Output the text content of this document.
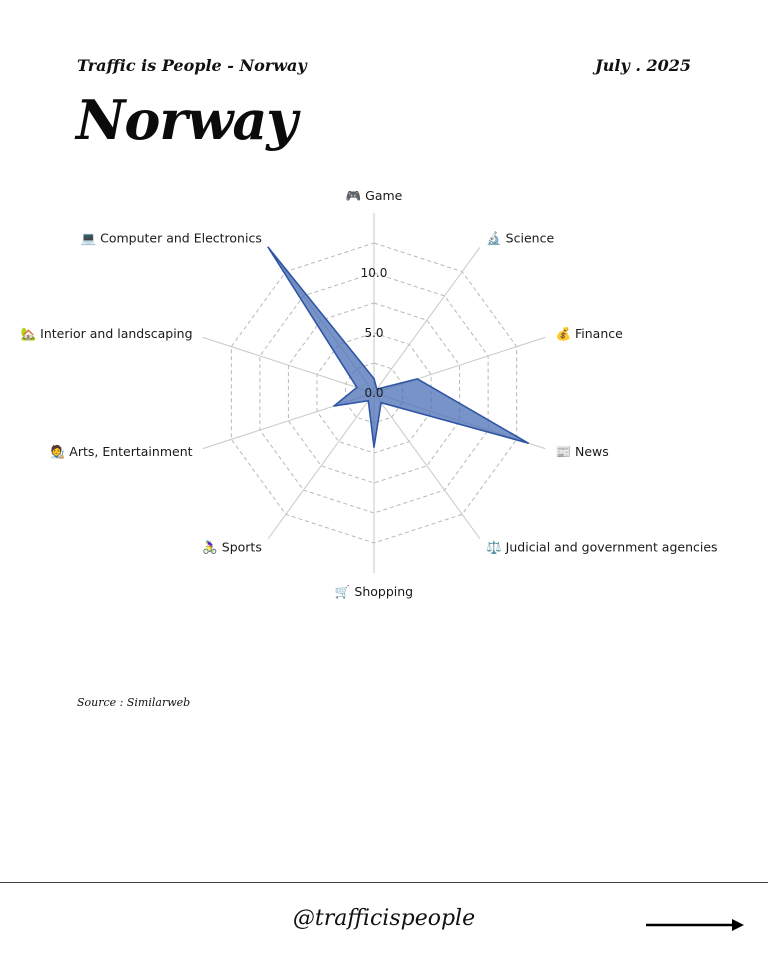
Traffic is People - Norway	July . 2025
Norway
0.0
5.0
10.0
🎮 Game
🔬 Science
💰 Finance
📰 News
⚖️ Judicial and government agencies
🛒 Shopping
🚴‍♀️ Sports
🧑‍🎨 Arts, Entertainment
🏡 Interior and landscaping
💻 Computer and Electronics
Source : Similarweb
@trafficispeople
